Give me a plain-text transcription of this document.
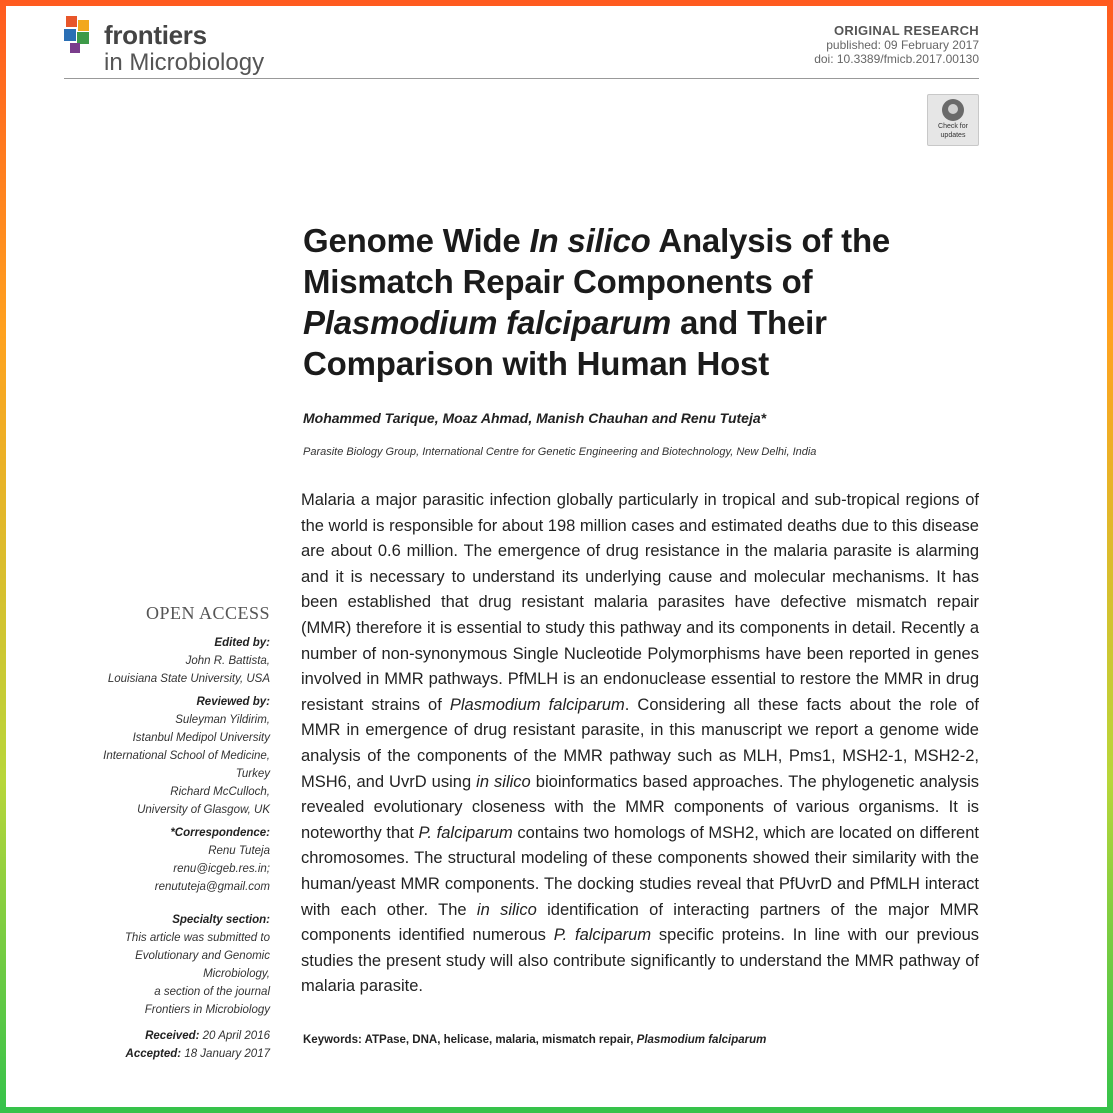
frontiers
in Microbiology
ORIGINAL RESEARCH
published: 09 February 2017
doi: 10.3389/fmicb.2017.00130
Check for
updates
Genome Wide In silico Analysis of the Mismatch Repair Components of Plasmodium falciparum and Their Comparison with Human Host
Mohammed Tarique, Moaz Ahmad, Manish Chauhan and Renu Tuteja*
Parasite Biology Group, International Centre for Genetic Engineering and Biotechnology, New Delhi, India
Malaria a major parasitic infection globally particularly in tropical and sub-tropical regions of the world is responsible for about 198 million cases and estimated deaths due to this disease are about 0.6 million. The emergence of drug resistance in the malaria parasite is alarming and it is necessary to understand its underlying cause and molecular mechanisms. It has been established that drug resistant malaria parasites have defective mismatch repair (MMR) therefore it is essential to study this pathway and its components in detail. Recently a number of non-synonymous Single Nucleotide Polymorphisms have been reported in genes involved in MMR pathways. PfMLH is an endonuclease essential to restore the MMR in drug resistant strains of Plasmodium falciparum. Considering all these facts about the role of MMR in emergence of drug resistant parasite, in this manuscript we report a genome wide analysis of the components of the MMR pathway such as MLH, Pms1, MSH2-1, MSH2-2, MSH6, and UvrD using in silico bioinformatics based approaches. The phylogenetic analysis revealed evolutionary closeness with the MMR components of various organisms. It is noteworthy that P. falciparum contains two homologs of MSH2, which are located on different chromosomes. The structural modeling of these components showed their similarity with the human/yeast MMR components. The docking studies reveal that PfUvrD and PfMLH interact with each other. The in silico identification of interacting partners of the major MMR components identified numerous P. falciparum specific proteins. In line with our previous studies the present study will also contribute significantly to understand the MMR pathway of malaria parasite.
Keywords: ATPase, DNA, helicase, malaria, mismatch repair, Plasmodium falciparum
OPEN ACCESS
Edited by:
John R. Battista,
Louisiana State University, USA
Reviewed by:
Suleyman Yildirim,
Istanbul Medipol University
International School of Medicine,
Turkey
Richard McCulloch,
University of Glasgow, UK
*Correspondence:
Renu Tuteja
renu@icgeb.res.in;
renututeja@gmail.com
Specialty section:
This article was submitted to
Evolutionary and Genomic
Microbiology,
a section of the journal
Frontiers in Microbiology
Received: 20 April 2016
Accepted: 18 January 2017
